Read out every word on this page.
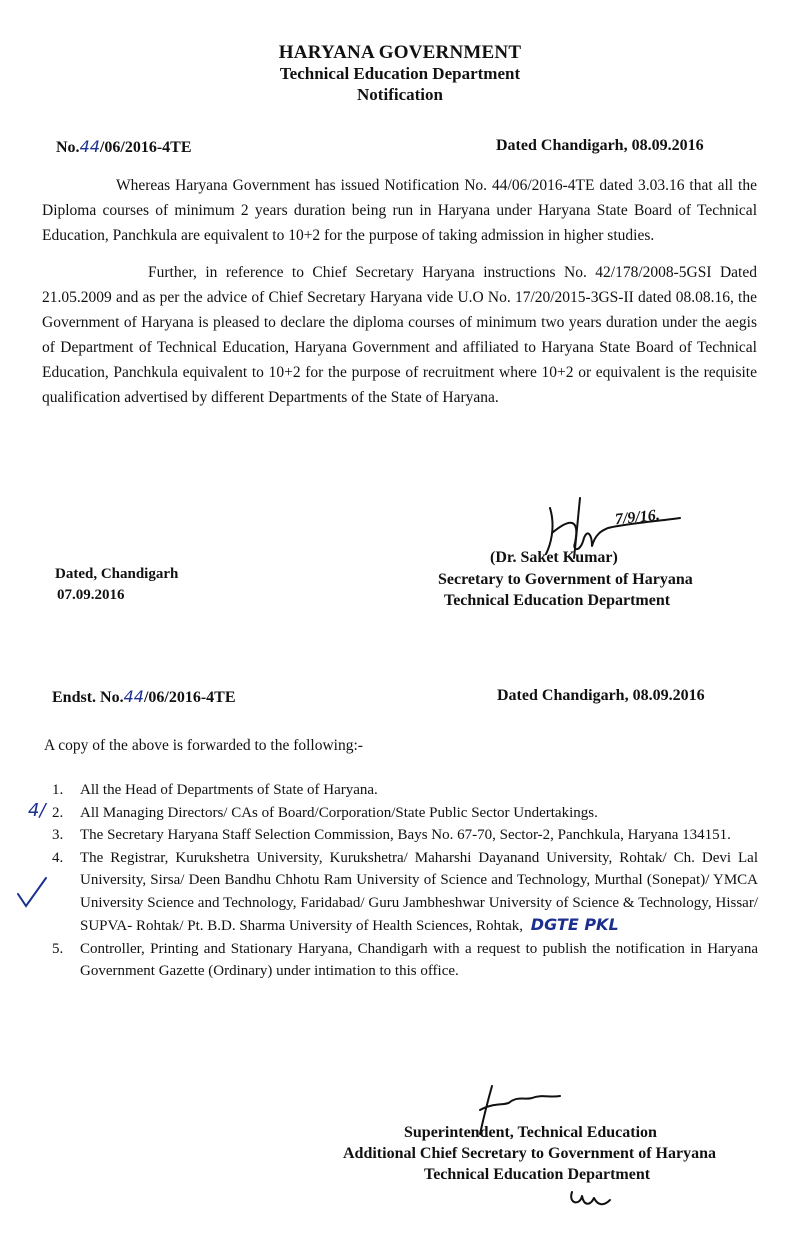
HARYANA GOVERNMENT
Technical Education Department
Notification
No.44/06/2016-4TE	Dated Chandigarh, 08.09.2016

Whereas Haryana Government has issued Notification No. 44/06/2016-4TE dated 3.03.16 that all the Diploma courses of minimum 2 years duration being run in Haryana under Haryana State Board of Technical Education, Panchkula are equivalent to 10+2 for the purpose of taking admission in higher studies.

Further, in reference to Chief Secretary Haryana instructions No. 42/178/2008-5GSI Dated 21.05.2009 and as per the advice of Chief Secretary Haryana vide U.O No. 17/20/2015-3GS-II dated 08.08.16, the Government of Haryana is pleased to declare the diploma courses of minimum two years duration under the aegis of Department of Technical Education, Haryana Government and affiliated to Haryana State Board of Technical Education, Panchkula equivalent to 10+2 for the purpose of recruitment where 10+2 or equivalent is the requisite qualification advertised by different Departments of the State of Haryana.

7/9/16.
(Dr. Saket Kumar)
Dated, Chandigarh
07.09.2016
Secretary to Government of Haryana
Technical Education Department
Endst. No.44/06/2016-4TE	Dated Chandigarh, 08.09.2016
A copy of the above is forwarded to the following:-
1.	All the Head of Departments of State of Haryana.
2.	All Managing Directors/ CAs of Board/Corporation/State Public Sector Undertakings.
3.	The Secretary Haryana Staff Selection Commission, Bays No. 67-70, Sector-2, Panchkula, Haryana 134151.
4.	The Registrar, Kurukshetra University, Kurukshetra/ Maharshi Dayanand University, Rohtak/ Ch. Devi Lal University, Sirsa/ Deen Bandhu Chhotu Ram University of Science and Technology, Murthal (Sonepat)/ YMCA University Science and Technology, Faridabad/ Guru Jambheshwar University of Science & Technology, Hissar/ SUPVA- Rohtak/ Pt. B.D. Sharma University of Health Sciences, Rohtak, DGTE PKL
5.	Controller, Printing and Stationary Haryana, Chandigarh with a request to publish the notification in Haryana Government Gazette (Ordinary) under intimation to this office.
4/
Superintendent, Technical Education
Additional Chief Secretary to Government of Haryana
Technical Education Department
